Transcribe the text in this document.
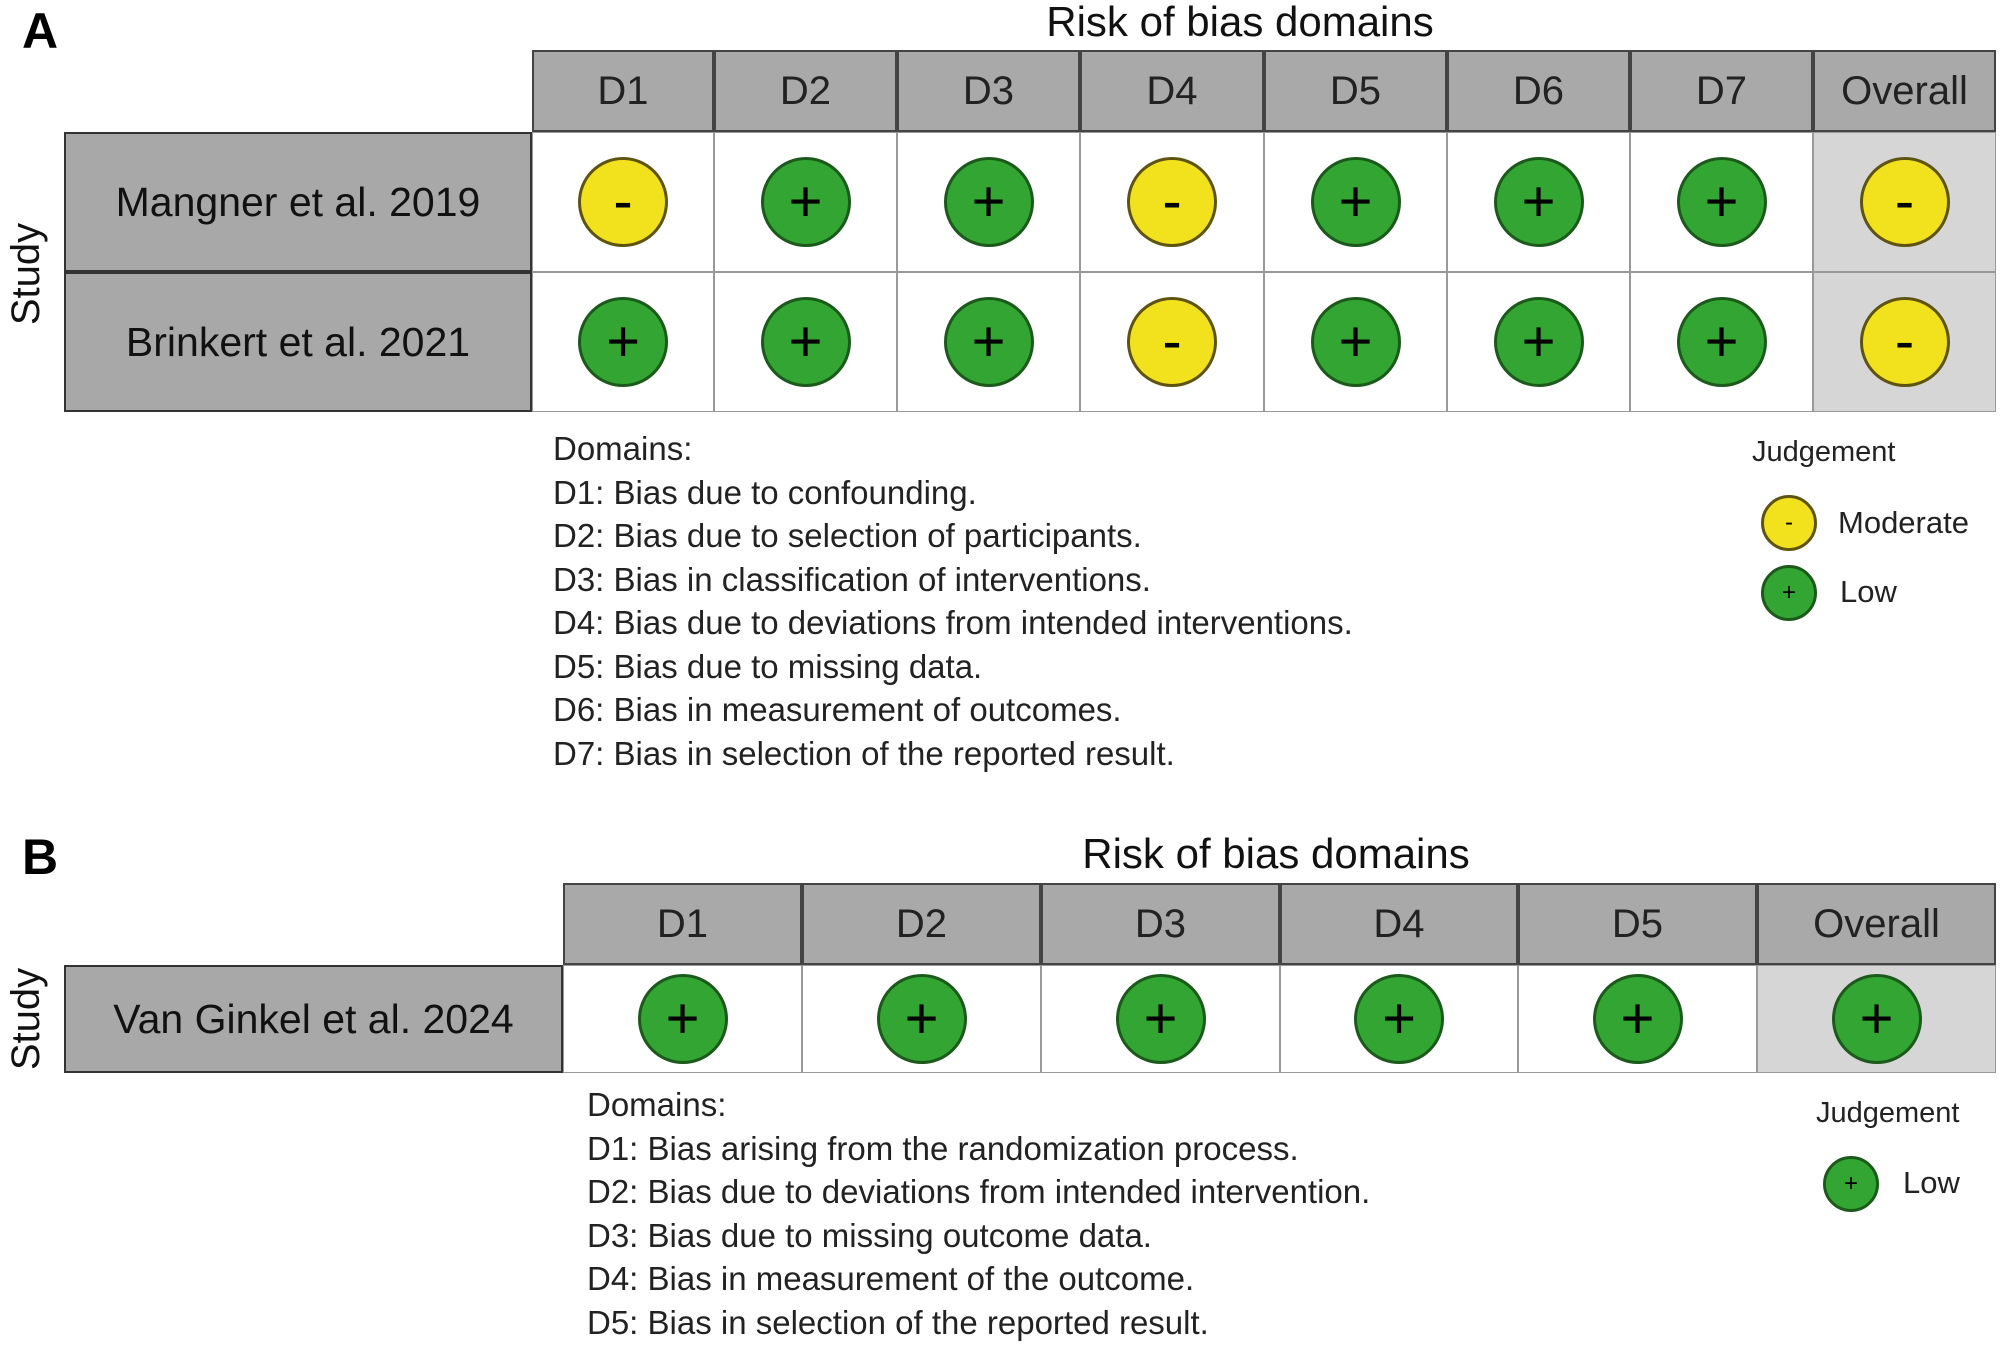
A	Risk of bias domains
D1	D2	D3	D4	D5	D6	D7	Overall
Study
Mangner et al. 2019	-	+	+	-	+	+	+	-
Brinkert et al. 2021	+	+	+	-	+	+	+	-
Domains:
D1: Bias due to confounding.
D2: Bias due to selection of participants.
D3: Bias in classification of interventions.
D4: Bias due to deviations from intended interventions.
D5: Bias due to missing data.
D6: Bias in measurement of outcomes.
D7: Bias in selection of the reported result.
Judgement
-	Moderate
+	Low
B	Risk of bias domains
D1	D2	D3	D4	D5	Overall
Study	Van Ginkel et al. 2024	+	+	+	+	+	+
Domains:
D1: Bias arising from the randomization process.
D2: Bias due to deviations from intended intervention.
D3: Bias due to missing outcome data.
D4: Bias in measurement of the outcome.
D5: Bias in selection of the reported result.
Judgement
+	Low
